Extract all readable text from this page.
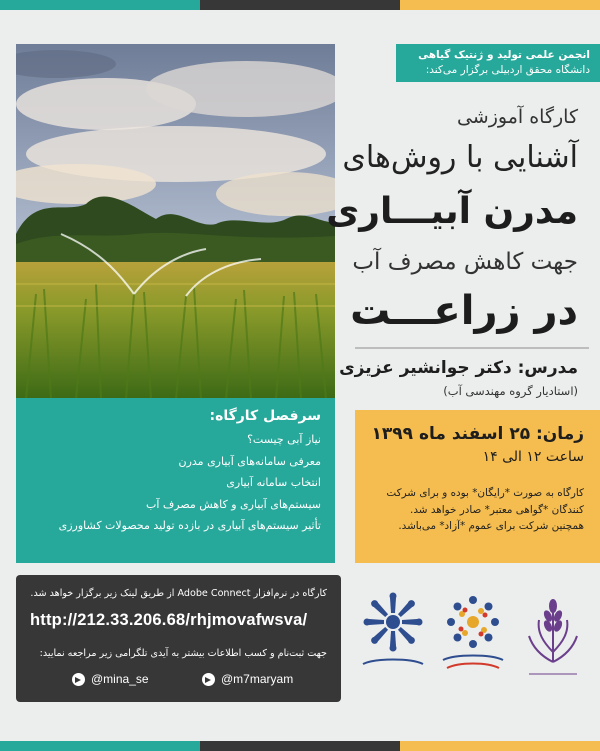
انجمن علمی تولید و ژنتیک گیاهی
دانشگاه محقق اردبیلی برگزار می‌کند:
کارگاه آموزشی
آشنایی با روش‌های
مدرن آبیـــاری
جهت کاهش مصرف آب
در زراعـــت
مدرس: دکتر جوانشیر عزیزی
(استادیار گروه مهندسی آب)
سرفصل کارگاه:
نیاز آبی چیست؟
معرفی سامانه‌های آبیاری مدرن
انتخاب سامانه آبیاری
سیستم‌های آبیاری و کاهش مصرف آب
تأثیر سیستم‌های آبیاری در بازده تولید محصولات کشاورزی
زمان: ۲۵ اسفند ماه ۱۳۹۹
ساعت ۱۲ الی ۱۴
کارگاه به صورت *رایگان* بوده و برای شرکت
کنندگان *گواهی معتبر* صادر خواهد شد.
همچنین شرکت برای عموم *آزاد* می‌باشد.
کارگاه در نرم‌افزار Adobe Connect از طریق لینک زیر برگزار خواهد شد.
http://212.33.206.68/rhjmovafwsva/
جهت ثبت‌نام و کسب اطلاعات بیشتر به آیدی تلگرامی زیر مراجعه نمایید:
@mina_se	@m7maryam
